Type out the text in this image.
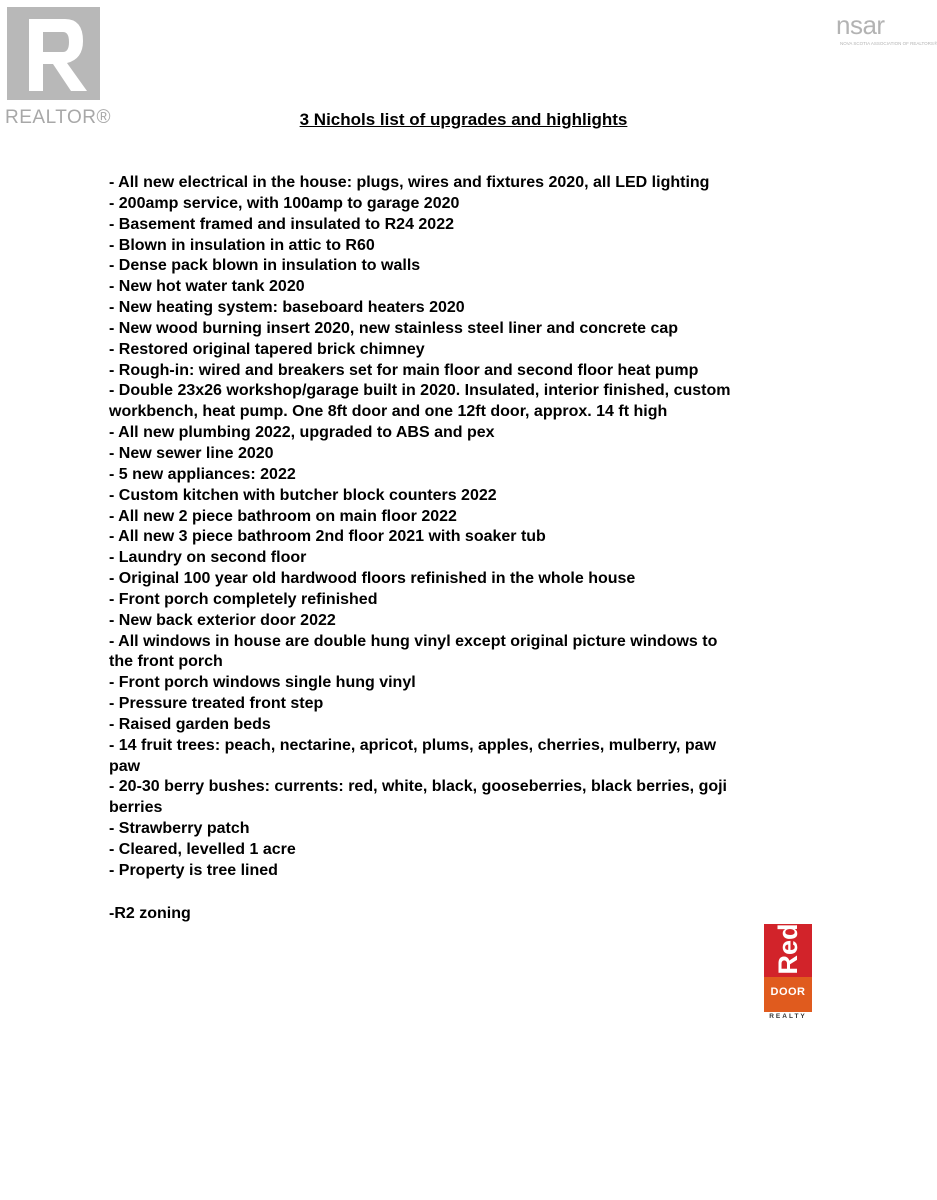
REALTOR®
nsar
NOVA SCOTIA ASSOCIATION OF REALTORS®
3 Nichols list of upgrades and highlights
- All new electrical in the house: plugs, wires and fixtures 2020, all LED lighting
- 200amp service, with 100amp to garage 2020
- Basement framed and insulated to R24 2022
- Blown in insulation in attic to R60
- Dense pack blown in insulation to walls
- New hot water tank 2020
- New heating system: baseboard heaters 2020
- New wood burning insert 2020, new stainless steel liner and concrete cap
- Restored original tapered brick chimney
- Rough-in: wired and breakers set for main floor and second floor heat pump
- Double 23x26 workshop/garage built in 2020. Insulated, interior finished, custom
workbench, heat pump. One 8ft door and one 12ft door, approx. 14 ft high
- All new plumbing 2022, upgraded to ABS and pex
- New sewer line 2020
- 5 new appliances: 2022
- Custom kitchen with butcher block counters 2022
- All new 2 piece bathroom on main floor 2022
- All new 3 piece bathroom 2nd floor 2021 with soaker tub
- Laundry on second floor
- Original 100 year old hardwood floors refinished in the whole house
- Front porch completely refinished
- New back exterior door 2022
- All windows in house are double hung vinyl except original picture windows to
the front porch
- Front porch windows single hung vinyl
- Pressure treated front step
- Raised garden beds
- 14 fruit trees: peach, nectarine, apricot, plums, apples, cherries, mulberry, paw
paw
- 20-30 berry bushes: currents: red, white, black, gooseberries, black berries, goji
berries
- Strawberry patch
- Cleared, levelled 1 acre
- Property is tree lined
-R2 zoning
Red
DOOR
REALTY
